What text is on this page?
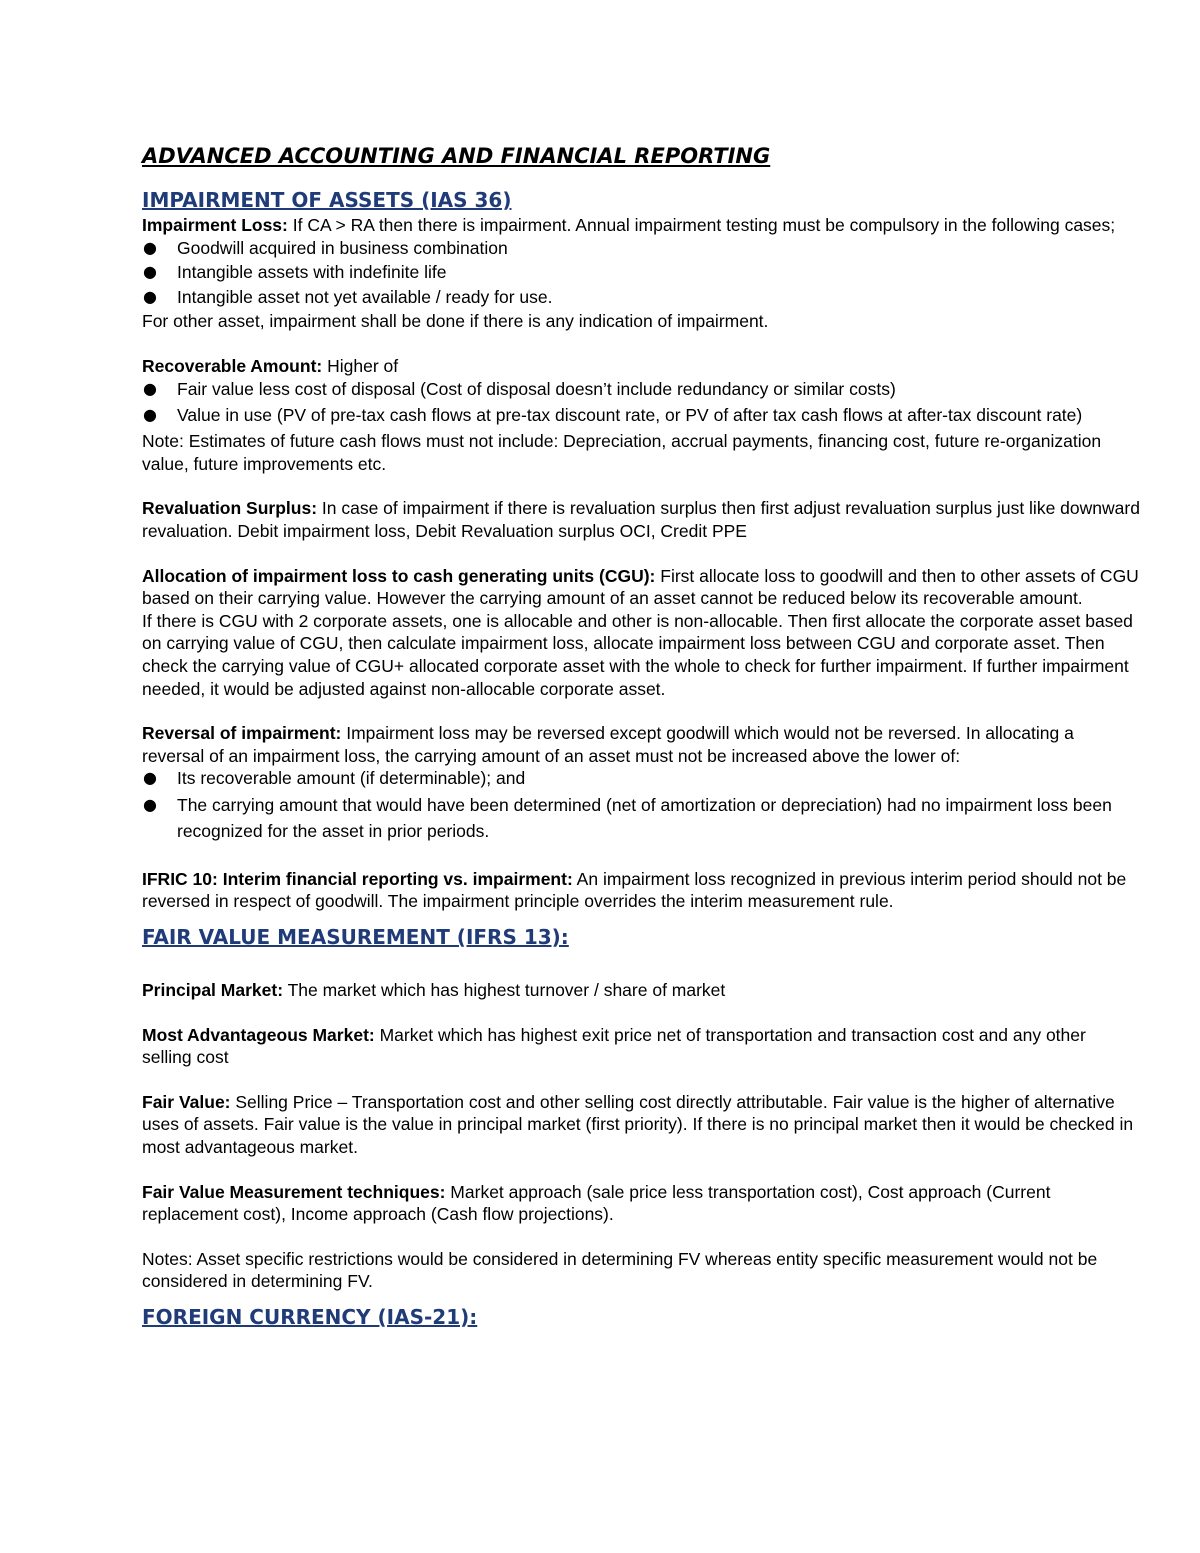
ADVANCED ACCOUNTING AND FINANCIAL REPORTING
IMPAIRMENT OF ASSETS (IAS 36)

Impairment Loss: If CA > RA then there is impairment. Annual impairment testing must be compulsory in the following cases;

● Goodwill acquired in business combination
● Intangible assets with indefinite life
● Intangible asset not yet available / ready for use.

For other asset, impairment shall be done if there is any indication of impairment.

Recoverable Amount: Higher of

● Fair value less cost of disposal (Cost of disposal doesn’t include redundancy or similar costs)
● Value in use (PV of pre-tax cash flows at pre-tax discount rate, or PV of after tax cash flows at after-tax discount rate)

Note: Estimates of future cash flows must not include: Depreciation, accrual payments, financing cost, future re-organization value, future improvements etc.

Revaluation Surplus: In case of impairment if there is revaluation surplus then first adjust revaluation surplus just like downward revaluation. Debit impairment loss, Debit Revaluation surplus OCI, Credit PPE

Allocation of impairment loss to cash generating units (CGU): First allocate loss to goodwill and then to other assets of CGU based on their carrying value. However the carrying amount of an asset cannot be reduced below its recoverable amount.

If there is CGU with 2 corporate assets, one is allocable and other is non-allocable. Then first allocate the corporate asset based on carrying value of CGU, then calculate impairment loss, allocate impairment loss between CGU and corporate asset. Then check the carrying value of CGU+ allocated corporate asset with the whole to check for further impairment. If further impairment needed, it would be adjusted against non-allocable corporate asset.

Reversal of impairment: Impairment loss may be reversed except goodwill which would not be reversed. In allocating a reversal of an impairment loss, the carrying amount of an asset must not be increased above the lower of:

● Its recoverable amount (if determinable); and
● The carrying amount that would have been determined (net of amortization or depreciation) had no impairment loss been recognized for the asset in prior periods.

IFRIC 10: Interim financial reporting vs. impairment: An impairment loss recognized in previous interim period should not be reversed in respect of goodwill. The impairment principle overrides the interim measurement rule.

FAIR VALUE MEASUREMENT (IFRS 13):

Principal Market: The market which has highest turnover / share of market

Most Advantageous Market: Market which has highest exit price net of transportation and transaction cost and any other selling cost

Fair Value: Selling Price – Transportation cost and other selling cost directly attributable. Fair value is the higher of alternative uses of assets. Fair value is the value in principal market (first priority). If there is no principal market then it would be checked in most advantageous market.

Fair Value Measurement techniques: Market approach (sale price less transportation cost), Cost approach (Current replacement cost), Income approach (Cash flow projections).

Notes: Asset specific restrictions would be considered in determining FV whereas entity specific measurement would not be considered in determining FV.

FOREIGN CURRENCY (IAS-21):
